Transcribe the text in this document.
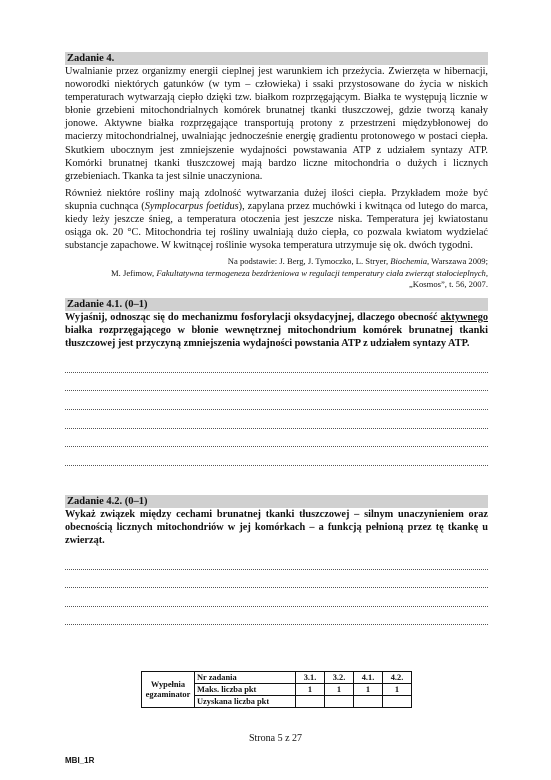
Zadanie 4.

Uwalnianie przez organizmy energii cieplnej jest warunkiem ich przeżycia. Zwierzęta w hibernacji, noworodki niektórych gatunków (w tym – człowieka) i ssaki przystosowane do życia w niskich temperaturach wytwarzają ciepło dzięki tzw. białkom rozprzęgającym. Białka te występują licznie w błonie grzebieni mitochondrialnych komórek brunatnej tkanki tłuszczowej, gdzie tworzą kanały jonowe. Aktywne białka rozprzęgające transportują protony z przestrzeni międzybłonowej do macierzy mitochondrialnej, uwalniając jednocześnie energię gradientu protonowego w postaci ciepła. Skutkiem ubocznym jest zmniejszenie wydajności powstawania ATP z udziałem syntazy ATP. Komórki brunatnej tkanki tłuszczowej mają bardzo liczne mitochondria o dużych i licznych grzebieniach. Tkanka ta jest silnie unaczyniona.

Również niektóre rośliny mają zdolność wytwarzania dużej ilości ciepła. Przykładem może być skupnia cuchnąca (Symplocarpus foetidus), zapylana przez muchówki i kwitnąca od lutego do marca, kiedy leży jeszcze śnieg, a temperatura otoczenia jest jeszcze niska. Temperatura jej kwiatostanu osiąga ok. 20 °C. Mitochondria tej rośliny uwalniają dużo ciepła, co pozwala kwiatom wydzielać substancje zapachowe. W kwitnącej roślinie wysoka temperatura utrzymuje się ok. dwóch tygodni.

Na podstawie: J. Berg, J. Tymoczko, L. Stryer, Biochemia, Warszawa 2009;
M. Jefimow, Fakultatywna termogeneza bezdrżeniowa w regulacji temperatury ciała zwierząt stałocieplnych,
„Kosmos”, t. 56, 2007.
Zadanie 4.1. (0–1)
Wyjaśnij, odnosząc się do mechanizmu fosforylacji oksydacyjnej, dlaczego obecność aktywnego białka rozprzęgającego w błonie wewnętrznej mitochondrium komórek brunatnej tkanki tłuszczowej jest przyczyną zmniejszenia wydajności powstania ATP z udziałem syntazy ATP.
Zadanie 4.2. (0–1)
Wykaż związek między cechami brunatnej tkanki tłuszczowej – silnym unaczynieniem oraz obecnością licznych mitochondriów w jej komórkach – a funkcją pełnioną przez tę tkankę u zwierząt.
Wypełnia
egzaminator	Nr zadania	3.1.	3.2.	4.1.	4.2.
	Maks. liczba pkt	1	1	1	1
	Uzyskana liczba pkt				
Strona 5 z 27
MBI_1R
